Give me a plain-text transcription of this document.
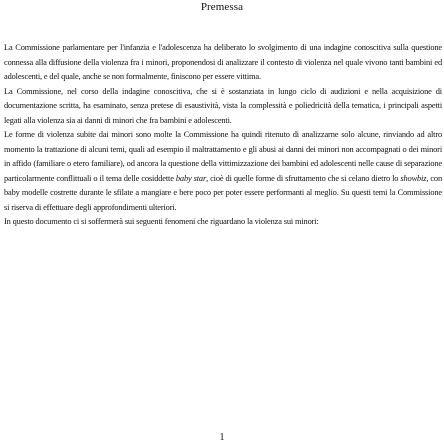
Premessa

La Commissione parlamentare per l'infanzia e l'adolescenza ha deliberato lo svolgimento di una indagine conoscitiva sulla questione connessa alla diffusione della violenza fra i minori, proponendosi di analizzare il contesto di violenza nel quale vivono tanti bambini ed adolescenti, e del quale, anche se non formalmente, finiscono per essere vittima.

La Commissione, nel corso della indagine conoscitiva, che si è sostanziata in lungo ciclo di audizioni e nella acquisizione di documentazione scritta, ha esaminato, senza pretese di esaustività, vista la complessità e poliedricità della tematica, i principali aspetti legati alla violenza sia ai danni di minori che fra bambini e adolescenti.

Le forme di violenza subite dai minori sono molte la Commissione ha quindi ritenuto di analizzarne solo alcune, rinviando ad altro momento la trattazione di alcuni temi, quali ad esempio il maltrattamento e gli abusi ai danni dei minori non accompagnati o dei minori in affido (familiare o etero familiare), od ancora la questione della vittimizzazione dei bambini ed adolescenti nelle cause di separazione particolarmente conflittuali o il tema delle cosiddette baby star, cioè di quelle forme di sfruttamento che si celano dietro lo showbiz, con baby modelle costrette durante le sfilate a mangiare e bere poco per poter essere performanti al meglio. Su questi temi la Commissione si riserva di effettuare degli approfondimenti ulteriori.

In questo documento ci si soffermerà sui seguenti fenomeni che riguardano la violenza sui minori:

1
